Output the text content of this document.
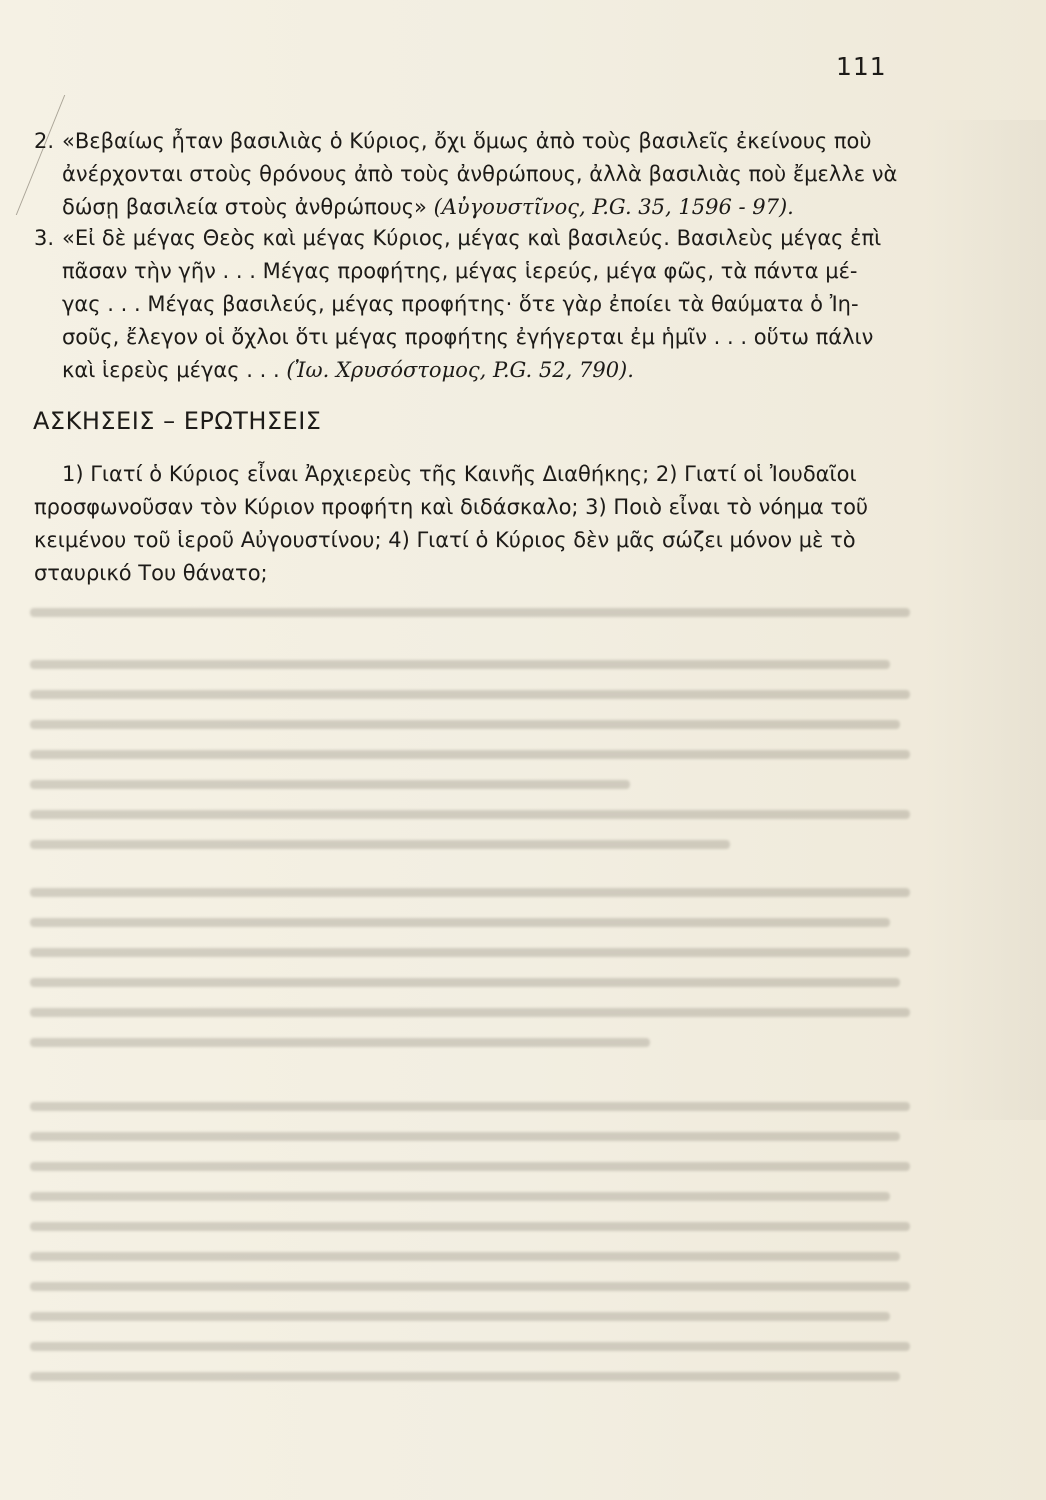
111
2. «Βεβαίως ἦταν βασιλιὰς ὁ Κύριος, ὄχι ὅμως ἀπὸ τοὺς βασιλεῖς ἐκείνους ποὺ
ἀνέρχονται στοὺς θρόνους ἀπὸ τοὺς ἀνθρώπους, ἀλλὰ βασιλιὰς ποὺ ἔμελλε νὰ
δώσῃ βασιλεία στοὺς ἀνθρώπους» (Αὐγουστῖνος, P.G. 35, 1596 - 97).
3. «Εἰ δὲ μέγας Θεὸς καὶ μέγας Κύριος, μέγας καὶ βασιλεύς. Βασιλεὺς μέγας ἐπὶ
πᾶσαν τὴν γῆν . . . Μέγας προφήτης, μέγας ἱερεύς, μέγα φῶς, τὰ πάντα μέ-
γας . . . Μέγας βασιλεύς, μέγας προφήτης· ὅτε γὰρ ἐποίει τὰ θαύματα ὁ Ἰη-
σοῦς, ἔλεγον οἱ ὄχλοι ὅτι μέγας προφήτης ἐγήγερται ἐμ ἡμῖν . . . οὕτω πάλιν
καὶ ἱερεὺς μέγας . . . (Ἰω. Χρυσόστομος, P.G. 52, 790).
ΑΣΚΗΣΕΙΣ – ΕΡΩΤΗΣΕΙΣ
1) Γιατί ὁ Κύριος εἶναι Ἀρχιερεὺς τῆς Καινῆς Διαθήκης; 2) Γιατί οἱ Ἰουδαῖοι
προσφωνοῦσαν τὸν Κύριον προφήτη καὶ διδάσκαλο; 3) Ποιὸ εἶναι τὸ νόημα τοῦ
κειμένου τοῦ ἱεροῦ Αὐγουστίνου; 4) Γιατί ὁ Κύριος δὲν μᾶς σώζει μόνον μὲ τὸ
σταυρικό Του θάνατο;
